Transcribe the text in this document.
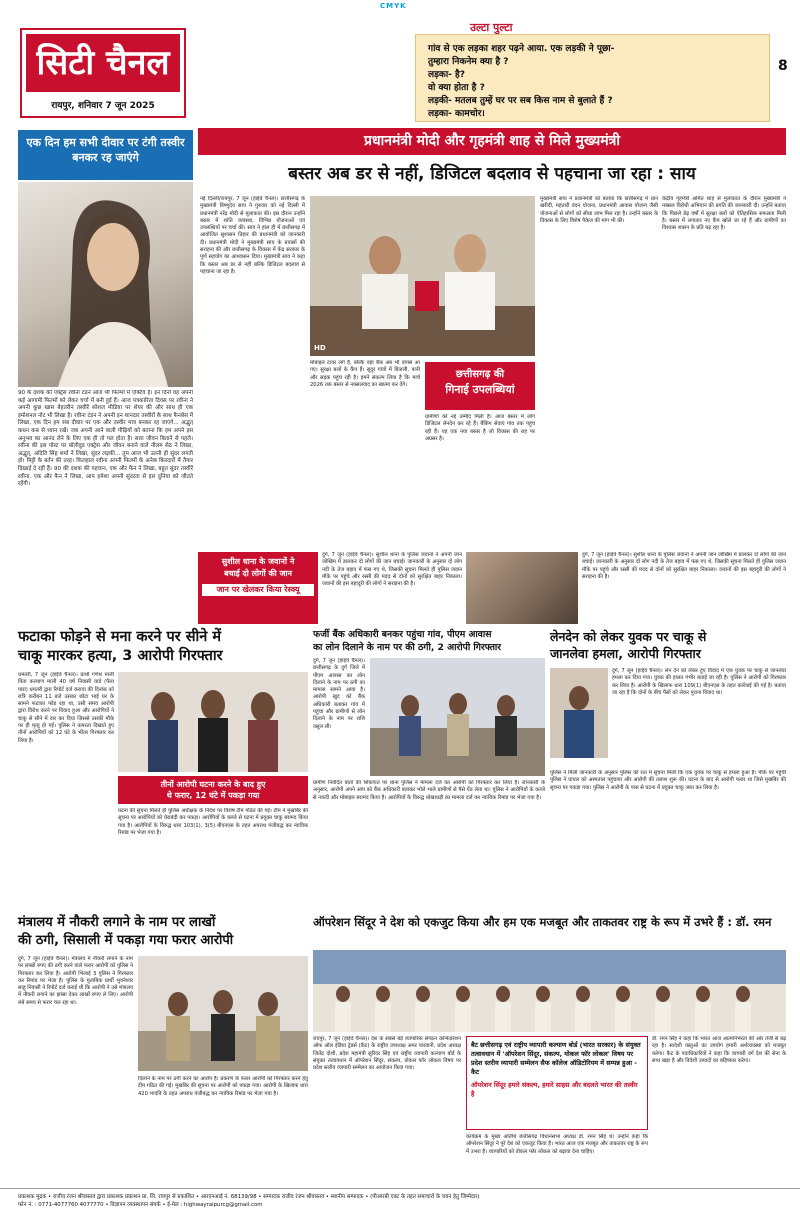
CMYK
सिटी चैनल
रायपुर, शनिवार 7 जून 2025
उल्टा पुल्टा
गांव से एक लड़का शहर पढ़ने आया. एक लड़की ने पूछा-
तुम्हारा निकनेम क्या है ?
लड़का- है?
वो क्या होता है ?
लड़की- मतलब तुम्हें घर पर सब किस नाम से बुलाते हैं ?
लड़का- कामचोर।
8
एक दिन हम सभी दीवार पर टंगी तस्वीर बनकर रह जाएंगे
90 के दशक की एक्ट्रेस रवीना टंडन आज भी फिल्मों में एक्टिव हैं। इन दिनों वह अपनी कई आगामी फिल्मों को लेकर चर्चा में बनी हुई हैं। आज पत्रकारिता दिवस पर रवीना ने अपनी कुछ खास बेहतरीन तस्वीरें सोशल मीडिया पर शेयर की और साथ ही एक इमोशनल नोट भी लिखा है। रवीना टंडन ने अपनी इन शानदार तस्वीरों के साथ फैनबेस में लिखा, एक दिन हम सब दीवार पर एक और तस्वीर मात्र बनकर रह जाएंगे... अद्भुत् कथन कब से ध्यान रखें। जब अपनी आने वाली पीढ़ियों को बताना कि हम अपने इस अनुभव का आनंद लेने के लिए एक ही तो पल होता है। सारा जीवन बिताने से पहले। रवीना की इस पोस्ट पर बॉलीवुड एक्ट्रेस और जीवन बनाने वाले नीलम सेठ ने लिखा, अद्भुत्, अदिति सिंह शर्मा ने लिखा, सुंदर लड़की... तुम आज भी उतनी ही सुंदर लगती हो। मिट्टी के बर्तन की तरह। फिलहाल रवीना अपनी फिल्मों के अनेक किरदारों में तैयार दिखाई दे रहीं हैं। 90 की दशक की पहचान, एक और फैन ने लिखा, बहुत सुंदर तस्वीरें रवीना, एक और फैन ने लिखा, आप हमेशा अपनी सुंदरता से इस दुनिया को जीतते रहेंगी।
प्रधानमंत्री मोदी और गृहमंत्री शाह से मिले मुख्यमंत्री
बस्तर अब डर से नहीं, डिजिटल बदलाव से पहचाना जा रहा : साय
नई दिल्ली/रायपुर, 7 जून (हाईवे चैनल)। छत्तीसगढ़ के मुख्यमंत्री विष्णुदेव साय ने गुरुवार को नई दिल्ली में प्रधानमंत्री नरेंद्र मोदी से मुलाकात की। इस दौरान उन्होंने बस्तर में शांति व्यवस्था, विभिन्न योजनाओं एवं उपलब्धियों पर चर्चा की। साय ने हाल ही में छत्तीसगढ़ में आयोजित सुशासन तिहार की प्रधानमंत्री को जानकारी दी। प्रधानमंत्री मोदी ने मुख्यमंत्री साय के प्रयासों की सराहना की और छत्तीसगढ़ के विकास में केंद्र सरकार के पूर्ण सहयोग का आश्वासन दिया। मुख्यमंत्री साय ने कहा कि बस्तर अब डर से नहीं बल्कि डिजिटल बदलाव से पहचाना जा रहा है।
HD
मोबाइल टावर लगे हैं, बल्कि वहां बैंक अब भी वापस आ गए। सुरक्षा बलों के कैंप हैं। सुदूर गांवों में बिजली, पानी और सड़क पहुंच रही है। हमने संकल्प लिया है कि मार्च 2026 तक बस्तर से नक्सलवाद का खात्मा कर देंगे।
छत्तीसगढ़ की
गिनाई उपलब्धियां
ग्रामीणों को नई उम्मीद मिली है। आज बस्तर में लोग डिजिटल लेनदेन कर रहे हैं। बैंकिंग सेवाएं गांव तक पहुंच रही हैं। यह एक नया बस्तर है जो विकास की राह पर अग्रसर है।
मुख्यमंत्री साय ने प्रधानमंत्री को बताया कि छत्तीसगढ़ में धान खरीदी, महतारी वंदन योजना, प्रधानमंत्री आवास योजना जैसी योजनाओं से लोगों को सीधा लाभ मिल रहा है। उन्होंने बस्तर के विकास के लिए विशेष पैकेज की मांग भी की।
केंद्रीय गृहमंत्री अमित शाह से मुलाकात के दौरान मुख्यमंत्री ने नक्सल विरोधी अभियान की प्रगति की जानकारी दी। उन्होंने बताया कि पिछले डेढ़ वर्षों में सुरक्षा बलों को ऐतिहासिक सफलता मिली है। बस्तर में लगातार नए कैंप खोले जा रहे हैं और ग्रामीणों का विश्वास शासन के प्रति बढ़ रहा है।
सुशील धाना के जवानों ने
बचाई दो लोगों की जान
जान पर खेलकर किया रेस्क्यू
दुर्ग, 7 जून (हाईवे चैनल)। सुशील थाना के पुलिस जवानों ने अपनी जान जोखिम में डालकर दो लोगों की जान बचाई। जानकारी के अनुसार दो लोग नदी के तेज बहाव में फंस गए थे, जिसकी सूचना मिलते ही पुलिस जवान मौके पर पहुंचे और रस्सी की मदद से दोनों को सुरक्षित बाहर निकाला। जवानों की इस बहादुरी की लोगों ने सराहना की है।
दुर्ग, 7 जून (हाईवे चैनल)। सुशील थाना के पुलिस जवानों ने अपनी जान जोखिम में डालकर दो लोगों की जान बचाई। जानकारी के अनुसार दो लोग नदी के तेज बहाव में फंस गए थे, जिसकी सूचना मिलते ही पुलिस जवान मौके पर पहुंचे और रस्सी की मदद से दोनों को सुरक्षित बाहर निकाला। जवानों की इस बहादुरी की लोगों ने सराहना की है।
फटाका फोड़ने से मना करने पर सीने में
चाकू मारकर हत्या, 3 आरोपी गिरफ्तार
धमतरी, 7 जून (हाईवे चैनल)। प्रार्थी गणेश माली पिता कल्याण माली 40 वर्ष निवासी वार्ड (पैला पारा) धमतरी द्वारा रिपोर्ट दर्ज कराया की दिनांक को रात्रि करीबन 11 बजे उसका छोटा भाई घर के सामने फटाका फोड़ रहा था, उसी समय आरोपी द्वारा विरोध करने पर विवाद हुआ और आरोपियों ने चाकू से सीने में वार कर दिया जिससे उसकी मौके पर ही मृत्यु हो गई। पुलिस ने तत्परता दिखाते हुए तीनों आरोपियों को 12 घंटे के भीतर गिरफ्तार कर लिया है।
तीनों आरोपी घटना करने के बाद हुए
थे फरार, 12 घंटे में पकड़ा गया
घटना की सूचना मिलते ही पुलिस अधीक्षक के निर्देश पर विशेष टीम गठित की गई। टीम ने मुखबिर की सूचना पर आरोपियों को घेराबंदी कर पकड़ा। आरोपियों के कब्जे से घटना में प्रयुक्त चाकू बरामद किया गया है। आरोपियों के विरुद्ध धारा 103(1), 3(5) बीएनएस के तहत अपराध पंजीबद्ध कर न्यायिक रिमांड पर भेजा गया है।
फर्जी बैंक अधिकारी बनकर पहुंचा गांव, पीएम आवास
का लोन दिलाने के नाम पर की ठगी, 2 आरोपी गिरफ्तार
दुर्ग, 7 जून (हाईवे चैनल)। छत्तीसगढ़ के दुर्ग जिले में पीएम आवास का लोन दिलाने के नाम पर ठगी का मामला सामने आया है। आरोपी खुद को बैंक अधिकारी बताकर गांव में पहुंचा और ग्रामीणों से लोन दिलाने के नाम पर राशि वसूल ली।
ग्रामीण निवेदित बातों की शिकायत पर थाना पुलिस ने मामला दर्ज कर आरोपी को गिरफ्तार कर लिया है। जानकारी के अनुसार, आरोपी अपने आप को बैंक अधिकारी बताकर भोले भाले ग्रामीणों से पैसे ऐंठ लेता था। पुलिस ने आरोपियों के कब्जे से नकदी और मोबाइल बरामद किया है। आरोपियों के विरुद्ध धोखाधड़ी का मामला दर्ज कर न्यायिक रिमांड पर भेजा गया है।
लेनदेन को लेकर युवक पर चाकू से
जानलेवा हमला, आरोपी गिरफ्तार
दुर्ग, 7 जून (हाईवे चैनल)। लेन देन को लेकर हुए विवाद में एक युवक पर चाकू से जानलेवा हमला कर दिया गया। युवक की हालत गंभीर बताई जा रही है। पुलिस ने आरोपी को गिरफ्तार कर लिया है। आरोपी के खिलाफ धारा 109(1) बीएनएस के तहत कार्रवाई की गई है। बताया जा रहा है कि दोनों के बीच पैसों को लेकर पुराना विवाद था।
पुलिस ने मिली जानकारी के अनुसार पुलिस को रात में सूचना मिली कि एक युवक पर चाकू से हमला हुआ है। मौके पर पहुंची पुलिस ने घायल को अस्पताल पहुंचाया और आरोपी की तलाश शुरू की। घटना के बाद से आरोपी फरार था जिसे मुखबिर की सूचना पर पकड़ा गया। पुलिस ने आरोपी के पास से घटना में प्रयुक्त चाकू जब्त कर लिया है।
मंत्रालय में नौकरी लगाने के नाम पर लाखों
की ठगी, सिसाली में पकड़ा गया फरार आरोपी
दुर्ग, 7 जून (हाईवे चैनल)। मंत्रालय में नौकरी लगाने के नाम पर लाखों रुपए की ठगी करने वाले फरार आरोपी को पुलिस ने गिरफ्तार कर लिया है। आरोपी भिलाई 3 पुलिस ने गिरफ्तार कर रिमांड पर भेजा है। पुलिस के मुताबिक प्रार्थी भुवनेश्वर साहू निवासी ने रिपोर्ट दर्ज कराई थी कि आरोपी ने उसे मंत्रालय में नौकरी लगाने का झांसा देकर लाखों रुपए ले लिए। आरोपी लंबे समय से फरार चल रहा था।
दिलाने के नाम पर ठगी करने का आरोप है। प्रकरण के फरार आरोपी को गिरफ्तार करने हेतु टीम गठित की गई। मुखबिर की सूचना पर आरोपी को पकड़ा गया। आरोपी के खिलाफ धारा 420 भादवि के तहत अपराध पंजीबद्ध कर न्यायिक रिमांड पर भेजा गया है।
ऑपरेशन सिंदूर ने देश को एकजुट किया और हम एक मजबूत और ताकतवर राष्ट्र के रूप में उभरे हैं : डॉ. रमन
बैट छत्तीसगढ़ एवं राष्ट्रीय व्यापारी कल्याण बोर्ड (भारत सरकार) के संयुक्त तत्वावधान में 'ऑपरेशन सिंदूर, संकल्प, योकल फॉर लोकल' विषय पर प्रदेश स्तरीय व्यापारी सम्मेलन सैफ कॉलेज ऑडिटोरियम में सम्पन्न हुआ - कैट
ऑपरेशन सिंदूर हमारे संकल्प, हमारे साहस और बदलते भारत की तस्वीर है
रायपुर, 7 जून (हाईवे चैनल)। देश के सबसे बड़े व्यापारिक संगठन कॉन्फेडरेशन ऑफ ऑल इंडिया ट्रेडर्स (कैट) के राष्ट्रीय उपाध्यक्ष अमर पारवानी, प्रदेश अध्यक्ष जितेंद्र दोशी, प्रदेश महामंत्री सुरिंदर सिंह एवं राष्ट्रीय व्यापारी कल्याण बोर्ड के संयुक्त तत्वावधान में ऑपरेशन सिंदूर, संकल्प, वोकल फॉर लोकल विषय पर प्रदेश स्तरीय व्यापारी सम्मेलन का आयोजन किया गया।
कार्यक्रम के मुख्य अतिथि छत्तीसगढ़ विधानसभा अध्यक्ष डॉ. रमन सिंह थे। उन्होंने कहा कि ऑपरेशन सिंदूर ने पूरे देश को एकजुट किया है। भारत आज एक मजबूत और ताकतवर राष्ट्र के रूप में उभरा है। व्यापारियों को वोकल फॉर लोकल को बढ़ावा देना चाहिए।
डॉ. रमन सिंह ने कहा कि भारत आज आत्मनिर्भरता की ओर तेजी से बढ़ रहा है। स्वदेशी वस्तुओं का उपयोग हमारी अर्थव्यवस्था को मजबूत करेगा। कैट के पदाधिकारियों ने कहा कि व्यापारी वर्ग देश की सेना के साथ खड़ा है और विदेशी उत्पादों का बहिष्कार करेगा।
प्रकाशक मुद्रक • राजीव रंजन श्रीवास्तव द्वारा प्रकाशक प्रकाशन प्रा. लि. रायपुर से प्रकाशित • आरएनआई नं. 68139/98 • सम्पादक राजीव रंजन श्रीवास्तव • स्थानीय सम्पादक • (पीआरबी एक्ट के तहत समाचारों के चयन हेतु जिम्मेदार)
फोन नं. : 0771-4077760 4077770 • विज्ञापन व्यवस्थापन संपर्क • ई-मेल : highwayraipurcg@gmail.com
